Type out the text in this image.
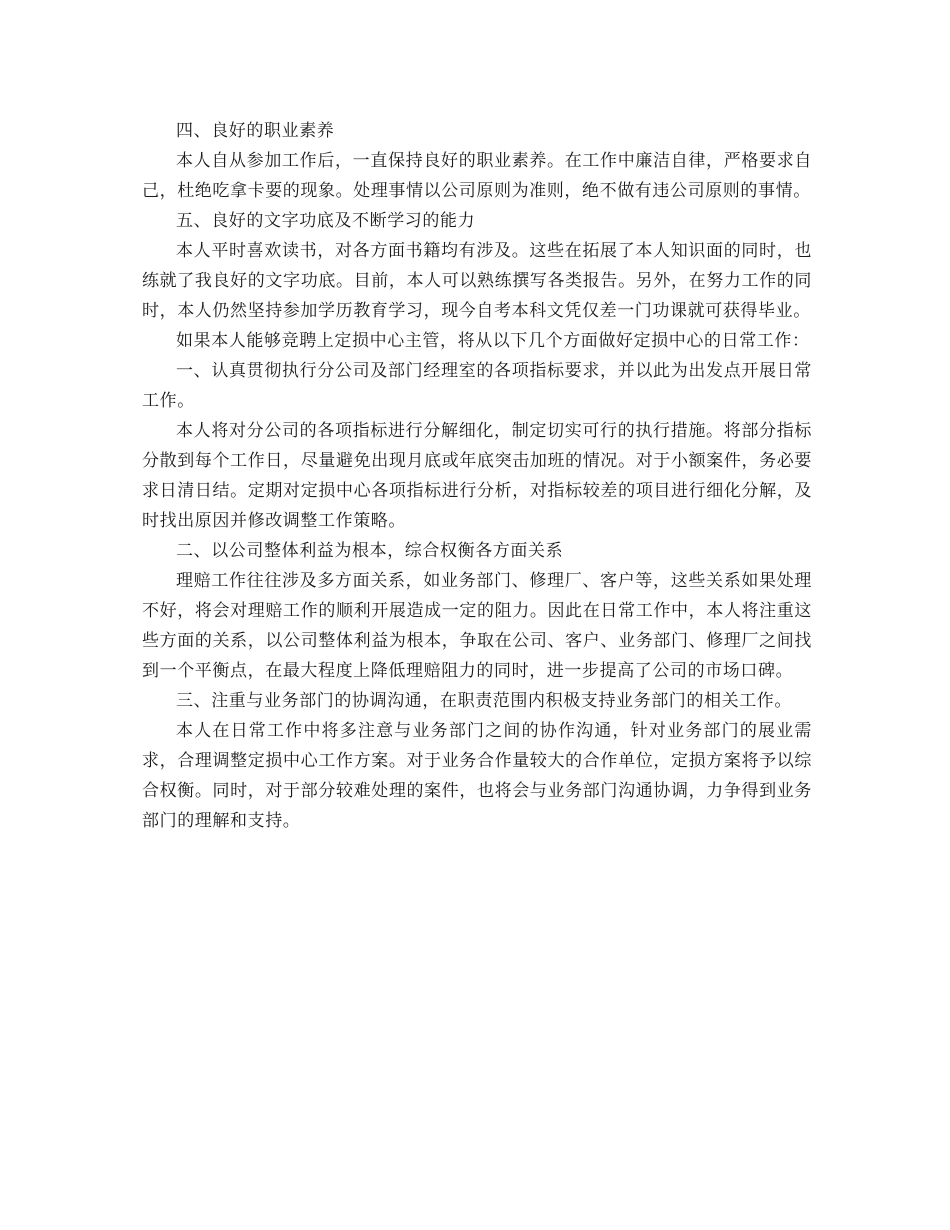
四、良好的职业素养

本人自从参加工作后，一直保持良好的职业素养。在工作中廉洁自律，严格要求自己，杜绝吃拿卡要的现象。处理事情以公司原则为准则，绝不做有违公司原则的事情。

五、良好的文字功底及不断学习的能力

本人平时喜欢读书，对各方面书籍均有涉及。这些在拓展了本人知识面的同时，也练就了我良好的文字功底。目前，本人可以熟练撰写各类报告。另外，在努力工作的同时，本人仍然坚持参加学历教育学习，现今自考本科文凭仅差一门功课就可获得毕业。

如果本人能够竞聘上定损中心主管，将从以下几个方面做好定损中心的日常工作：

一、认真贯彻执行分公司及部门经理室的各项指标要求，并以此为出发点开展日常工作。

本人将对分公司的各项指标进行分解细化，制定切实可行的执行措施。将部分指标分散到每个工作日，尽量避免出现月底或年底突击加班的情况。对于小额案件，务必要求日清日结。定期对定损中心各项指标进行分析，对指标较差的项目进行细化分解，及时找出原因并修改调整工作策略。

二、以公司整体利益为根本，综合权衡各方面关系

理赔工作往往涉及多方面关系，如业务部门、修理厂、客户等，这些关系如果处理不好，将会对理赔工作的顺利开展造成一定的阻力。因此在日常工作中，本人将注重这些方面的关系，以公司整体利益为根本，争取在公司、客户、业务部门、修理厂之间找到一个平衡点，在最大程度上降低理赔阻力的同时，进一步提高了公司的市场口碑。

三、注重与业务部门的协调沟通，在职责范围内积极支持业务部门的相关工作。

本人在日常工作中将多注意与业务部门之间的协作沟通，针对业务部门的展业需求，合理调整定损中心工作方案。对于业务合作量较大的合作单位，定损方案将予以综合权衡。同时，对于部分较难处理的案件，也将会与业务部门沟通协调，力争得到业务部门的理解和支持。
